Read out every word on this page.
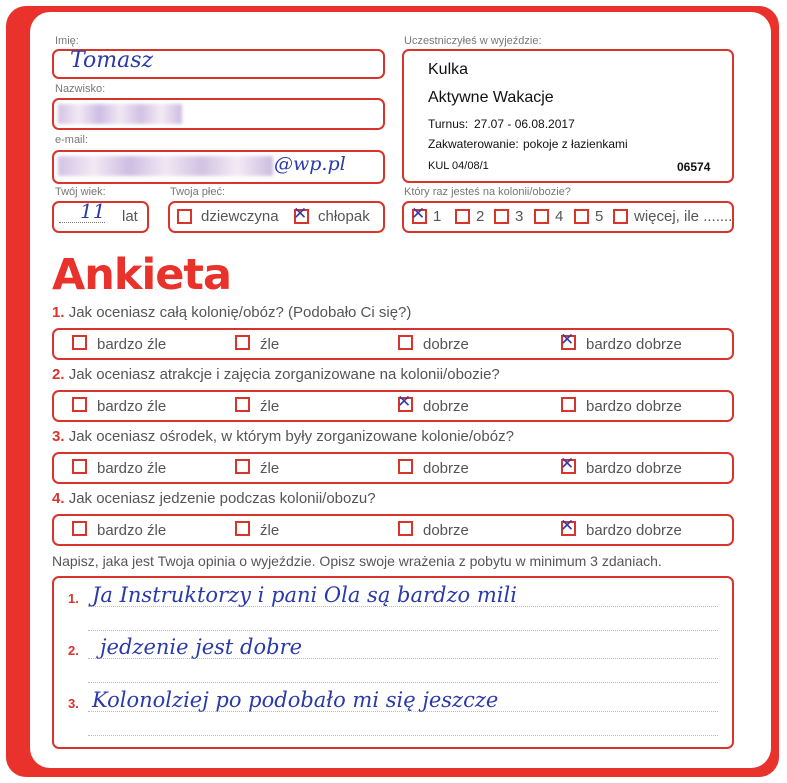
Imię:
Tomasz
Nazwisko:
e-mail:
@wp.pl
Twój wiek:
11 lat
Twoja płeć:
dziewczyna ✕ chłopak
Uczestniczyłeś w wyjeździe:
Kulka
Aktywne Wakacje
Turnus: 27.07 - 06.08.2017
Zakwaterowanie: pokoje z łazienkami
KUL 04/08/1	06574
Który raz jesteś na kolonii/obozie?
✕ 1 2 3 4 5 więcej, ile .......
Ankieta
1. Jak oceniasz całą kolonię/obóz? (Podobało Ci się?)
bardzo źle	źle	dobrze	✕ bardzo dobrze
2. Jak oceniasz atrakcje i zajęcia zorganizowane na kolonii/obozie?
bardzo źle	źle	✕ dobrze	bardzo dobrze
3. Jak oceniasz ośrodek, w którym były zorganizowane kolonie/obóz?
bardzo źle	źle	dobrze	✕ bardzo dobrze
4. Jak oceniasz jedzenie podczas kolonii/obozu?
bardzo źle	źle	dobrze	✕ bardzo dobrze
Napisz, jaka jest Twoja opinia o wyjeździe. Opisz swoje wrażenia z pobytu w minimum 3 zdaniach.
1. Ja Instruktorzy i pani Ola są bardzo mili
2. jedzenie jest dobre
3. Kolonolziej po podobało mi się jeszcze
